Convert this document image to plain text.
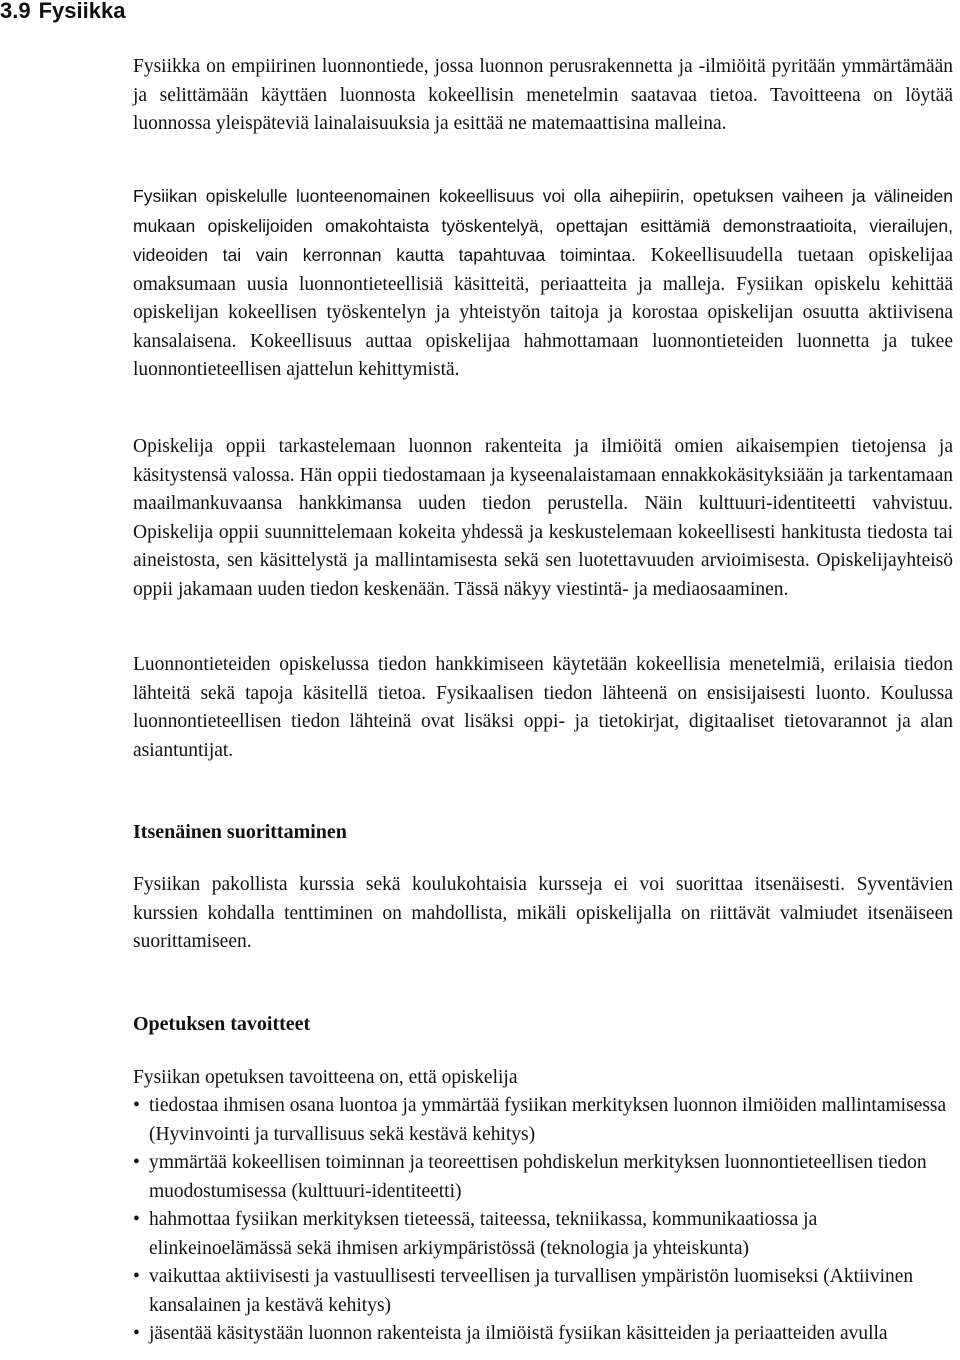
3.9 Fysiikka

Fysiikka on empiirinen luonnontiede, jossa luonnon perusrakennetta ja -ilmiöitä pyritään ymmärtämään ja selittämään käyttäen luonnosta kokeellisin menetelmin saatavaa tietoa. Tavoitteena on löytää luonnossa yleispäteviä lainalaisuuksia ja esittää ne matemaattisina malleina.

Fysiikan opiskelulle luonteenomainen kokeellisuus voi olla aihepiirin, opetuksen vaiheen ja välineiden mukaan opiskelijoiden omakohtaista työskentelyä, opettajan esittämiä demonstraatioita, vierailujen, videoiden tai vain kerronnan kautta tapahtuvaa toimintaa. Kokeellisuudella tuetaan opiskelijaa omaksumaan uusia luonnontieteellisiä käsitteitä, periaatteita ja malleja. Fysiikan opiskelu kehittää opiskelijan kokeellisen työskentelyn ja yhteistyön taitoja ja korostaa opiskelijan osuutta aktiivisena kansalaisena. Kokeellisuus auttaa opiskelijaa hahmottamaan luonnontieteiden luonnetta ja tukee luonnontieteellisen ajattelun kehittymistä.

Opiskelija oppii tarkastelemaan luonnon rakenteita ja ilmiöitä omien aikaisempien tietojensa ja käsitystensä valossa. Hän oppii tiedostamaan ja kyseenalaistamaan ennakkokäsityksiään ja tarkentamaan maailmankuvaansa hankkimansa uuden tiedon perustella. Näin kulttuuri-identiteetti vahvistuu. Opiskelija oppii suunnittelemaan kokeita yhdessä ja keskustelemaan kokeellisesti hankitusta tiedosta tai aineistosta, sen käsittelystä ja mallintamisesta sekä sen luotettavuuden arvioimisesta. Opiskelijayhteisö oppii jakamaan uuden tiedon keskenään. Tässä näkyy viestintä- ja mediaosaaminen.

Luonnontieteiden opiskelussa tiedon hankkimiseen käytetään kokeellisia menetelmiä, erilaisia tiedon lähteitä sekä tapoja käsitellä tietoa. Fysikaalisen tiedon lähteenä on ensisijaisesti luonto. Koulussa luonnontieteellisen tiedon lähteinä ovat lisäksi oppi- ja tietokirjat, digitaaliset tietovarannot ja alan asiantuntijat.

Itsenäinen suorittaminen

Fysiikan pakollista kurssia sekä koulukohtaisia kursseja ei voi suorittaa itsenäisesti. Syventävien kurssien kohdalla tenttiminen on mahdollista, mikäli opiskelijalla on riittävät valmiudet itsenäiseen suorittamiseen.

Opetuksen tavoitteet

Fysiikan opetuksen tavoitteena on, että opiskelija

• tiedostaa ihmisen osana luontoa ja ymmärtää fysiikan merkityksen luonnon ilmiöiden mallintamisessa (Hyvinvointi ja turvallisuus sekä kestävä kehitys)
• ymmärtää kokeellisen toiminnan ja teoreettisen pohdiskelun merkityksen luonnontieteellisen tiedon muodostumisessa (kulttuuri-identiteetti)
• hahmottaa fysiikan merkityksen tieteessä, taiteessa, tekniikassa, kommunikaatiossa ja elinkeinoelämässä sekä ihmisen arkiympäristössä (teknologia ja yhteiskunta)
• vaikuttaa aktiivisesti ja vastuullisesti terveellisen ja turvallisen ympäristön luomiseksi (Aktiivinen kansalainen ja kestävä kehitys)
• jäsentää käsitystään luonnon rakenteista ja ilmiöistä fysiikan käsitteiden ja periaatteiden avulla
